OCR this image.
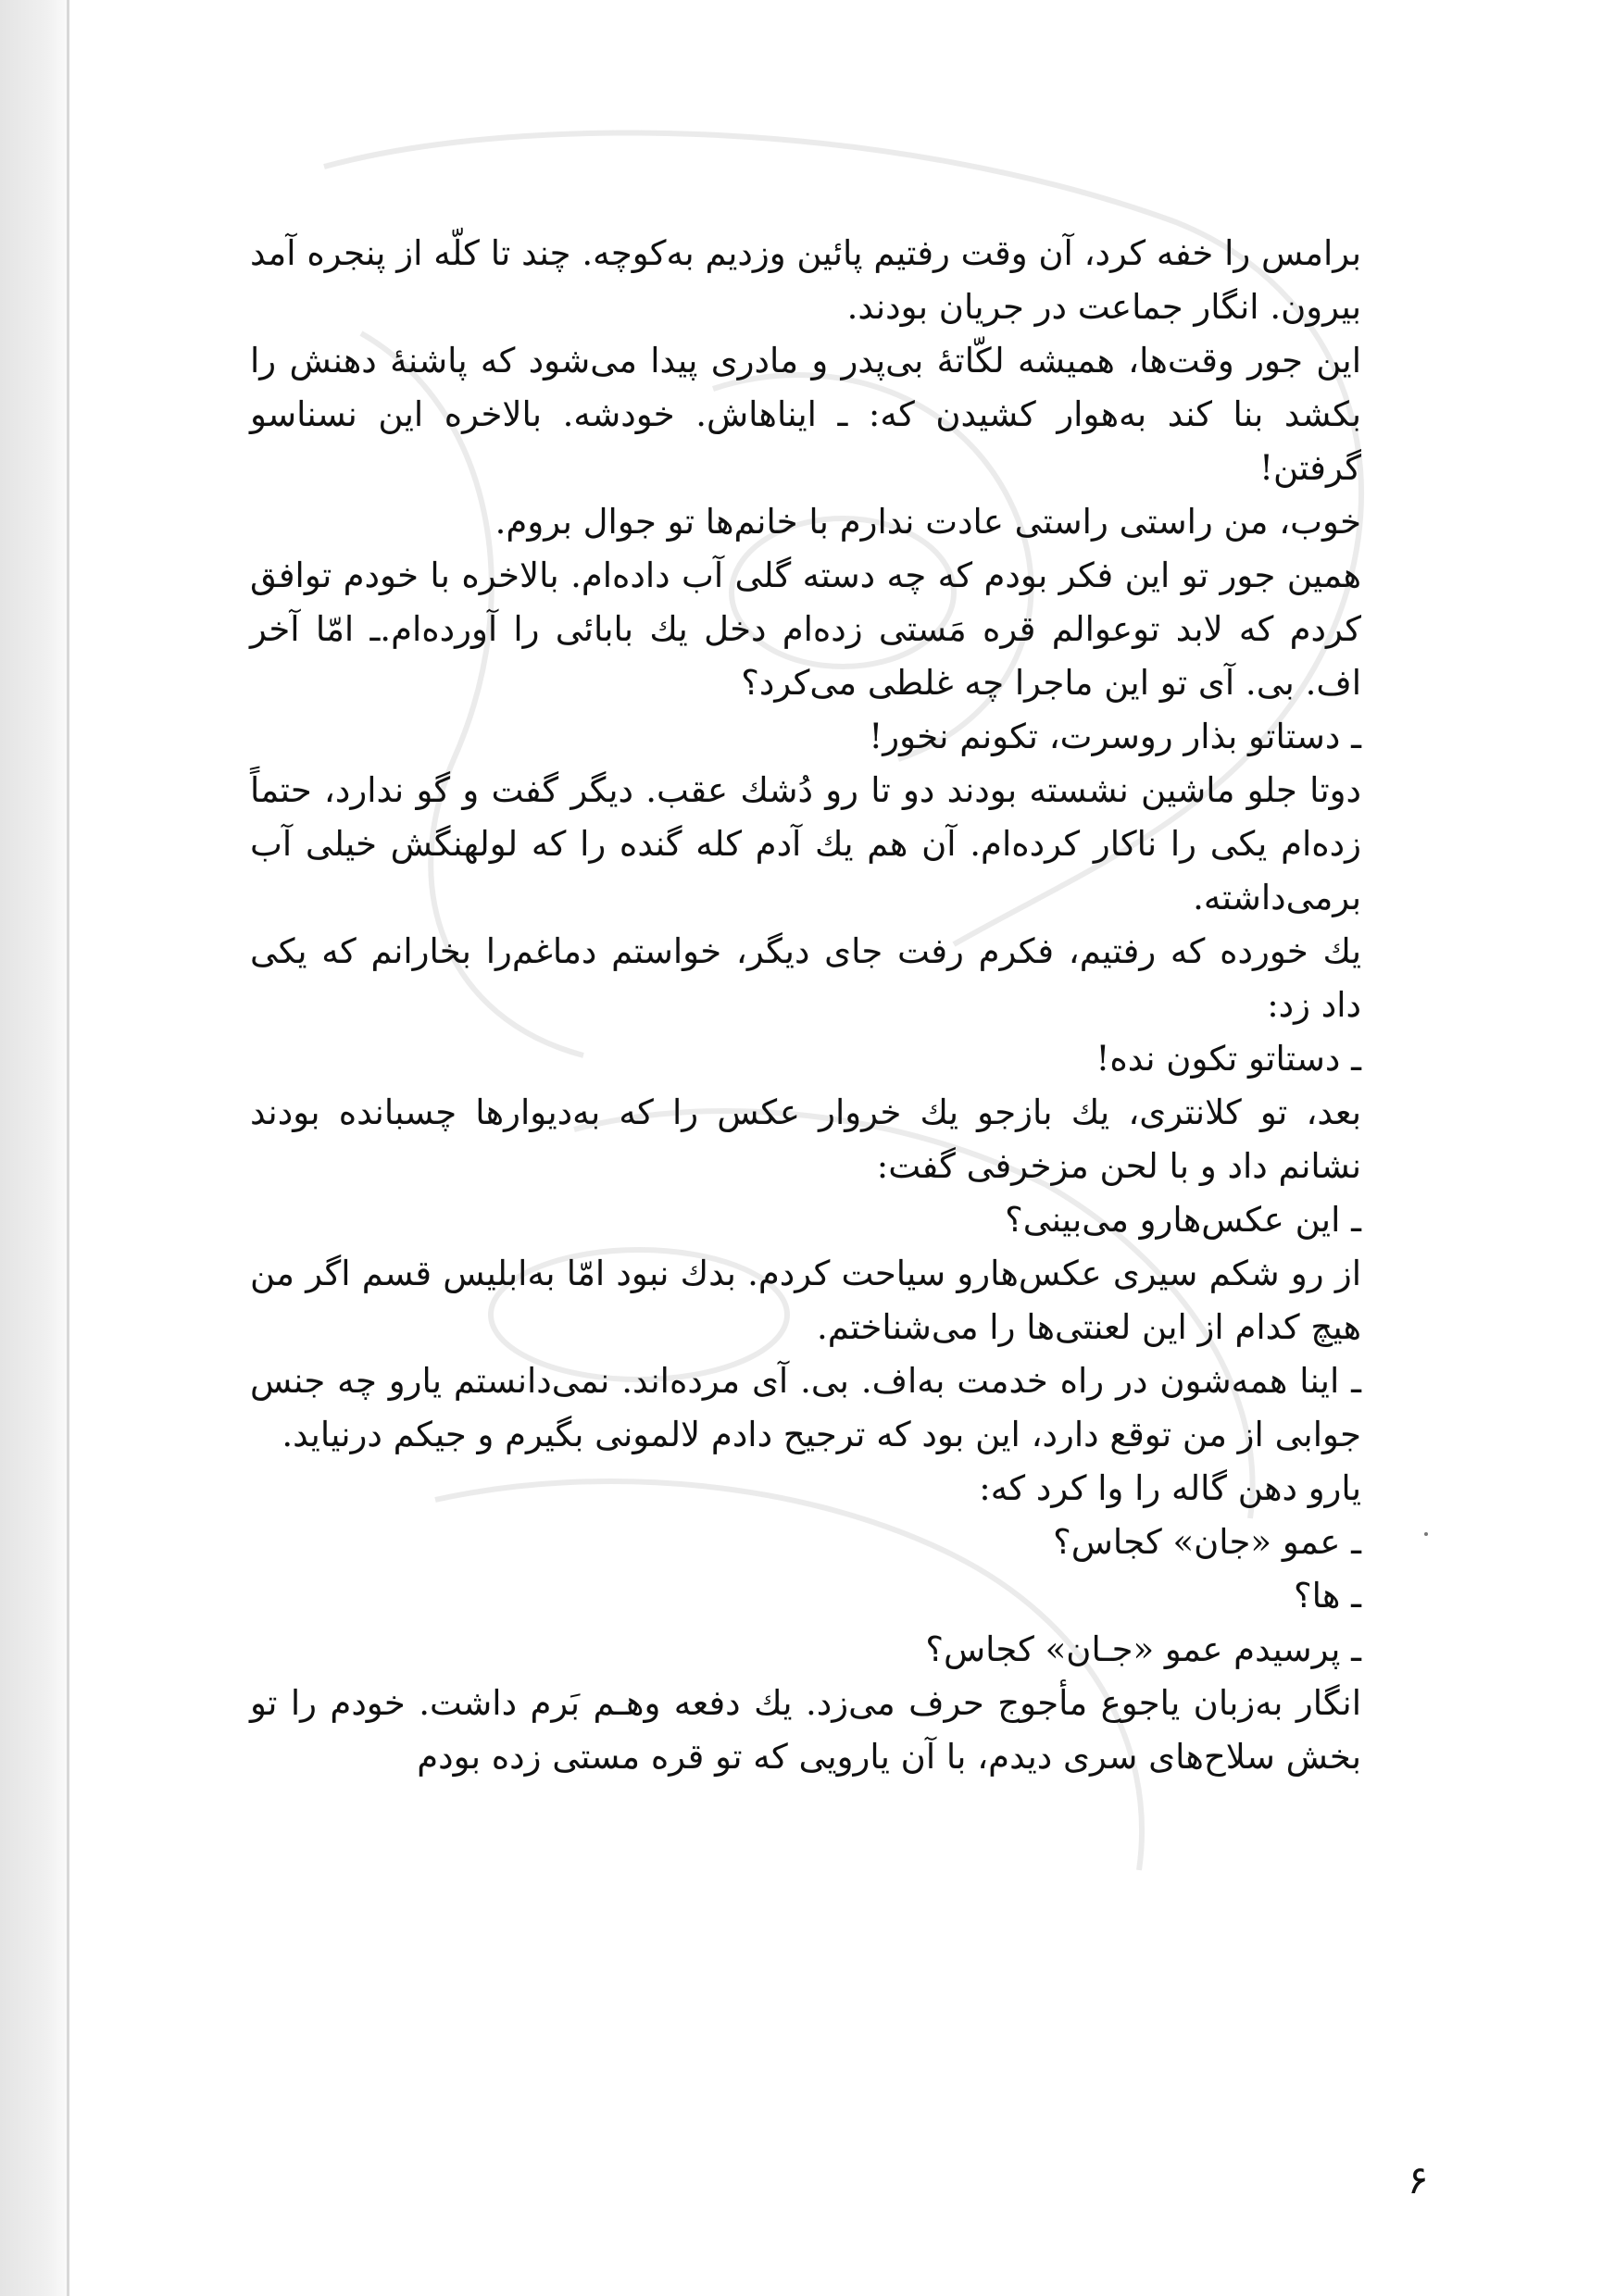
برامس را خفه کرد، آن وقت رفتیم پائین وزدیم به‌کوچه. چند تا کلّه از پنجره آمد بیرون. انگار جماعت در جریان بودند.

این جور وقت‌ها، همیشه لکّاتهٔ بی‌پدر و مادری پیدا می‌شود که پاشنهٔ دهنش را بکشد بنا کند به‌هوار کشیدن که: ـ ایناهاش. خودشه. بالاخره این نسناسو گرفتن!

خوب، من راستی راستی عادت ندارم با خانم‌ها تو جوال بروم.

همین جور تو این فکر بودم که چه دسته گلی آب داده‌ام. بالاخره با خودم توافق کردم که لابد توعوالم قره مَستی زده‌ام دخل یك بابائی را آورده‌ام.ـ امّا آخر اف. بی. آی تو این ماجرا چه غلطی می‌کرد؟

ـ دستاتو بذار روسرت، تکونم نخور!

دوتا جلو ماشین نشسته بودند دو تا رو دُشك عقب. دیگر گفت و گو ندارد، حتماً زده‌ام یکی را ناکار کرده‌ام. آن هم یك آدم کله گنده را که لولهنگش خیلی آب برمی‌داشته.

یك خورده که رفتیم، فکرم رفت جای دیگر، خواستم دماغم‌را بخارانم که یکی داد زد:

ـ دستاتو تکون نده!

بعد، تو کلانتری، یك بازجو یك خروار عکس را که به‌دیوارها چسبانده بودند نشانم داد و با لحن مزخرفی گفت:

ـ این عکس‌هارو می‌بینی؟

از رو شکم سیری عکس‌هارو سیاحت کردم. بدك نبود امّا به‌ابلیس قسم اگر من هیچ کدام از این لعنتی‌ها را می‌شناختم.

ـ اینا همه‌شون در راه خدمت به‌اف. بی. آی مرده‌اند. نمی‌دانستم یارو چه جنس جوابی از من توقع دارد، این بود که ترجیح دادم لالمونی بگیرم و جیکم درنیاید.

یارو دهن گاله را وا کرد که:

ـ عمو «جان» کجاس؟

ـ ها؟

ـ پرسیدم عمو «جـان» کجاس؟

انگار به‌زبان یاجوع مأجوج حرف می‌زد. یك دفعه وهـم بَرم داشت. خودم را تو بخش سلاح‌های سری دیدم، با آن یارویی که تو قره مستی زده بودم

۶
